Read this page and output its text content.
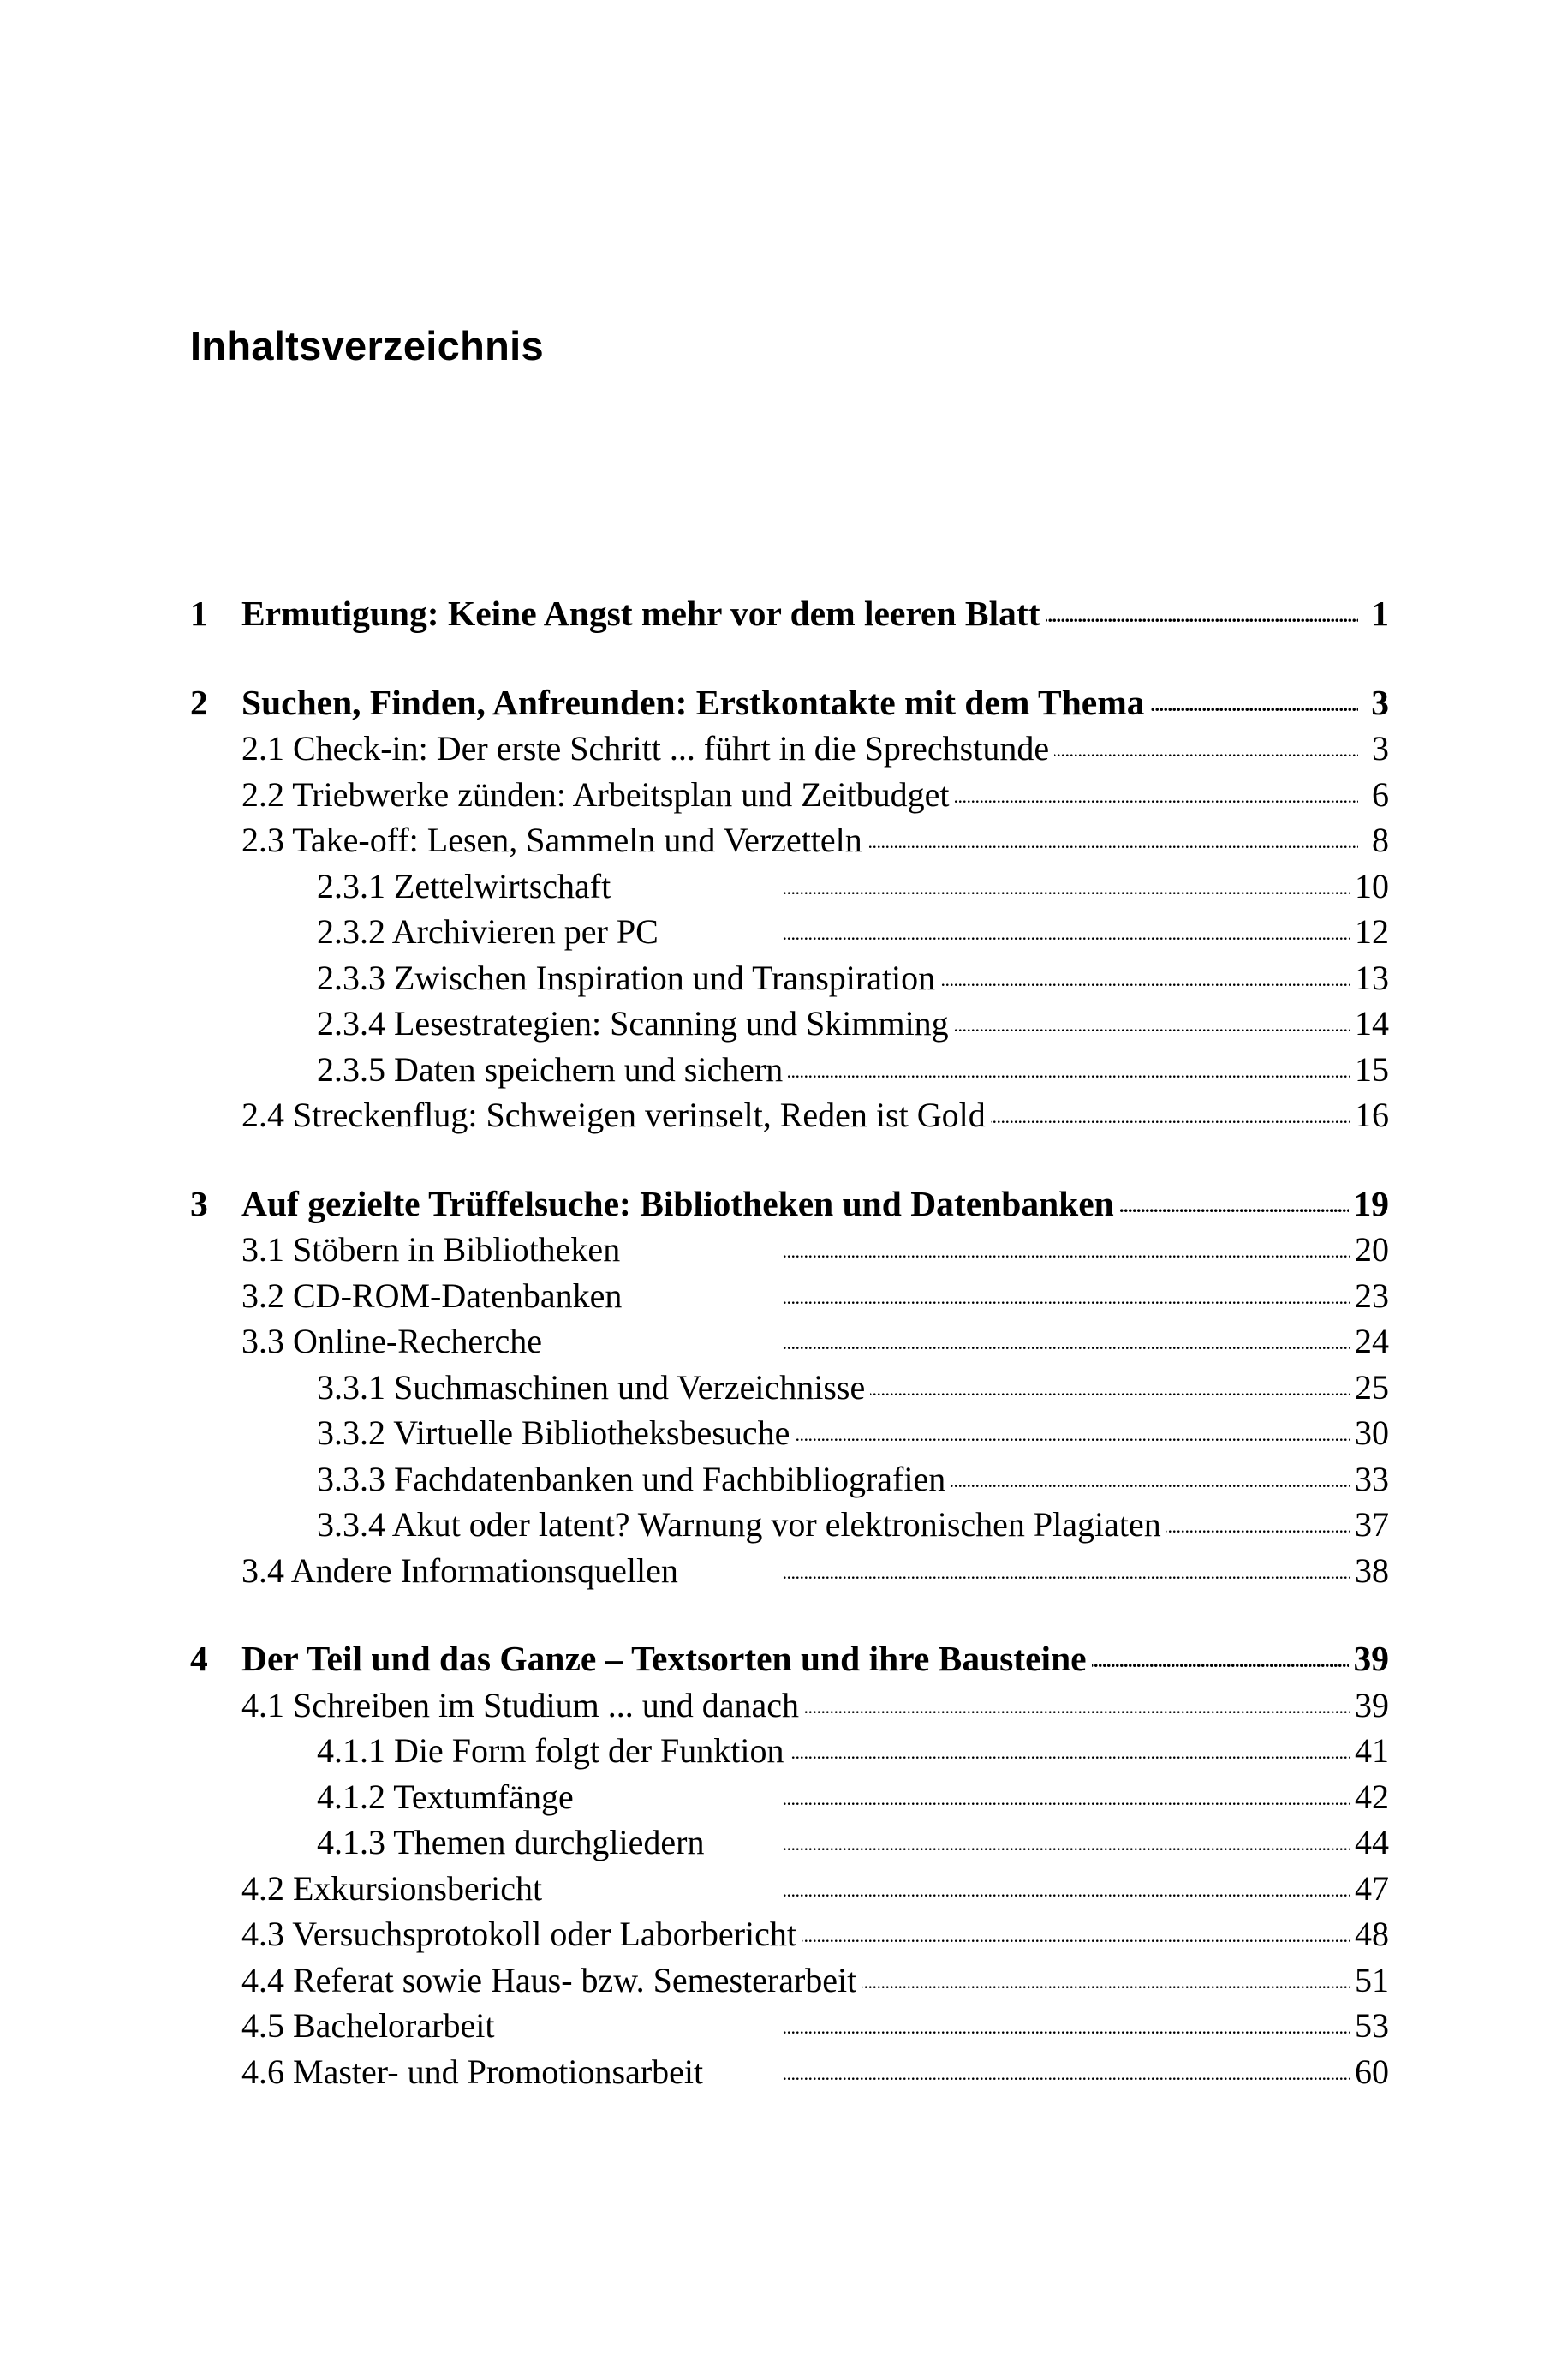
Inhaltsverzeichnis
1 Ermutigung: Keine Angst mehr vor dem leeren Blatt . . .	1
2 Suchen, Finden, Anfreunden: Erstkontakte mit dem Thema . . .	3
2.1 Check-in: Der erste Schritt ... führt in die Sprechstunde . . .	3
2.2 Triebwerke zünden: Arbeitsplan und Zeitbudget . . .	6
2.3 Take-off: Lesen, Sammeln und Verzetteln . . .	8
2.3.1 Zettelwirtschaft . . .	10
2.3.2 Archivieren per PC . . .	12
2.3.3 Zwischen Inspiration und Transpiration . . .	13
2.3.4 Lesestrategien: Scanning und Skimming . . .	14
2.3.5 Daten speichern und sichern . . .	15
2.4 Streckenflug: Schweigen verinselt, Reden ist Gold . . .	16
3 Auf gezielte Trüffelsuche: Bibliotheken und Datenbanken . . .	19
3.1 Stöbern in Bibliotheken . . .	20
3.2 CD-ROM-Datenbanken . . .	23
3.3 Online-Recherche . . .	24
3.3.1 Suchmaschinen und Verzeichnisse . . .	25
3.3.2 Virtuelle Bibliotheksbesuche . . .	30
3.3.3 Fachdatenbanken und Fachbibliografien . . .	33
3.3.4 Akut oder latent? Warnung vor elektronischen Plagiaten . . .	37
3.4 Andere Informationsquellen . . .	38
4 Der Teil und das Ganze – Textsorten und ihre Bausteine . . .	39
4.1 Schreiben im Studium ... und danach . . .	39
4.1.1 Die Form folgt der Funktion . . .	41
4.1.2 Textumfänge . . .	42
4.1.3 Themen durchgliedern . . .	44
4.2 Exkursionsbericht . . .	47
4.3 Versuchsprotokoll oder Laborbericht . . .	48
4.4 Referat sowie Haus- bzw. Semesterarbeit . . .	51
4.5 Bachelorarbeit . . .	53
4.6 Master- und Promotionsarbeit . . .	60
